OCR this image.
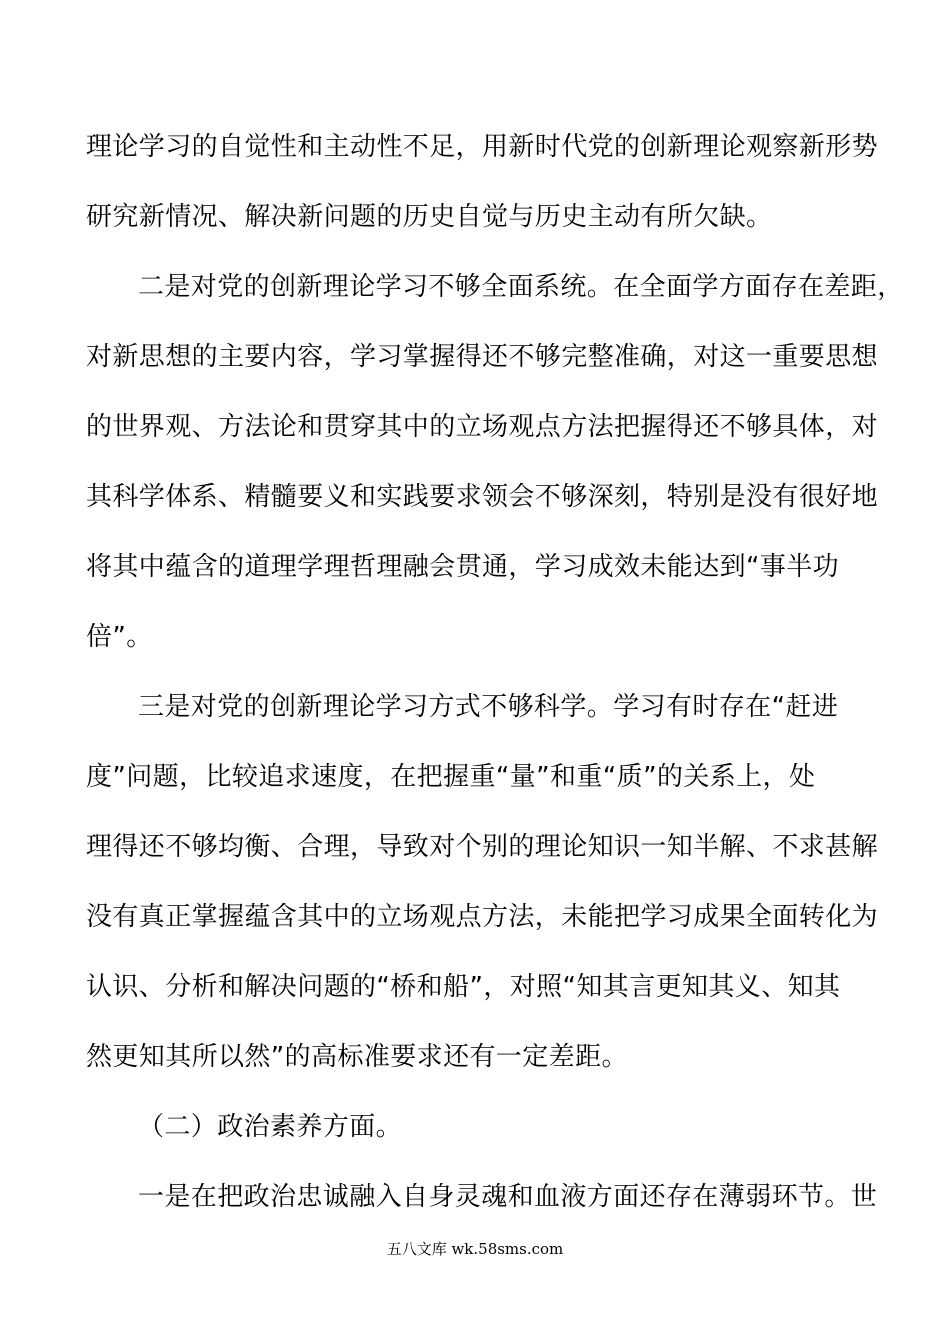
理论学习的自觉性和主动性不足，用新时代党的创新理论观察新形势
研究新情况、解决新问题的历史自觉与历史主动有所欠缺。
二是对党的创新理论学习不够全面系统。在全面学方面存在差距，
对新思想的主要内容，学习掌握得还不够完整准确，对这一重要思想
的世界观、方法论和贯穿其中的立场观点方法把握得还不够具体，对
其科学体系、精髓要义和实践要求领会不够深刻，特别是没有很好地
将其中蕴含的道理学理哲理融会贯通，学习成效未能达到“事半功
倍”。
三是对党的创新理论学习方式不够科学。学习有时存在“赶进
度”问题，比较追求速度，在把握重“量”和重“质”的关系上，处
理得还不够均衡、合理，导致对个别的理论知识一知半解、不求甚解
没有真正掌握蕴含其中的立场观点方法，未能把学习成果全面转化为
认识、分析和解决问题的“桥和船”，对照“知其言更知其义、知其
然更知其所以然”的高标准要求还有一定差距。
（二）政治素养方面。
一是在把政治忠诚融入自身灵魂和血液方面还存在薄弱环节。世
五八文库 wk.58sms.com
